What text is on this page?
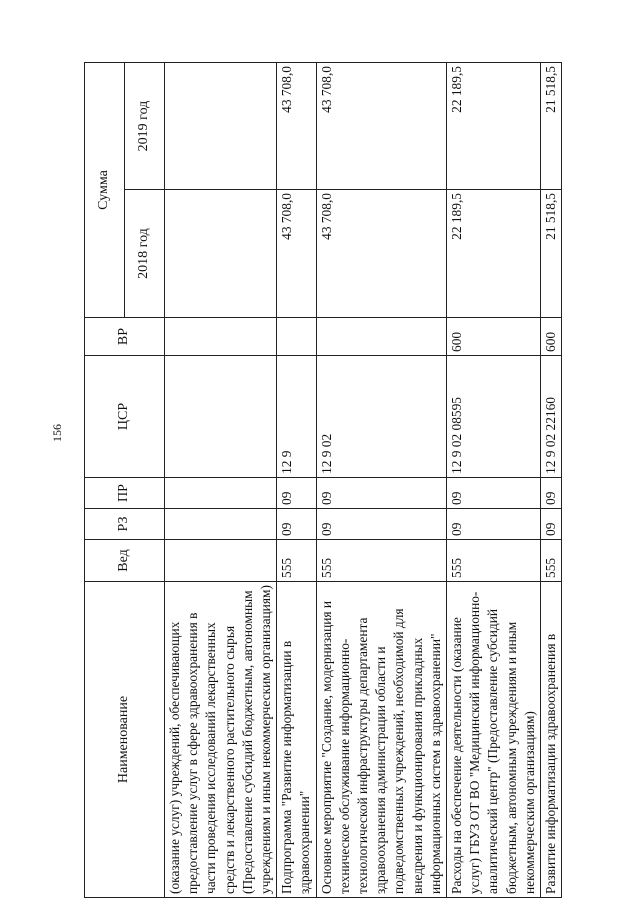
156
Наименование	Вед	РЗ	ПР	ЦСР	ВР	Сумма	
						2018 год	2019 год
(оказание услуг) учреждений, обеспечивающих предоставление услуг в сфере здравоохранения в части проведения исследований лекарственных средств и лекарственного растительного сырья (Предоставление субсидий бюджетным, автономным учреждениям и иным некоммерческим организациям)							
Подпрограмма "Развитие информатизации в здравоохранении"	555	09	09	12 9		43 708,0	43 708,0
Основное мероприятие "Создание, модернизация и техническое обслуживание информационно-технологической инфраструктуры департамента здравоохранения администрации области и подведомственных учреждений, необходимой для внедрения и функционирования прикладных информационных систем в здравоохранении"	555	09	09	12 9 02		43 708,0	43 708,0
Расходы на обеспечение деятельности (оказание услуг) ГБУЗ ОТ ВО "Медицинский информационно-аналитический центр" (Предоставление субсидий бюджетным, автономным учреждениям и иным некоммерческим организациям)	555	09	09	12 9 02 08595	600	22 189,5	22 189,5
Развитие информатизации здравоохранения в	555	09	09	12 9 02 22160	600	21 518,5	21 518,5
